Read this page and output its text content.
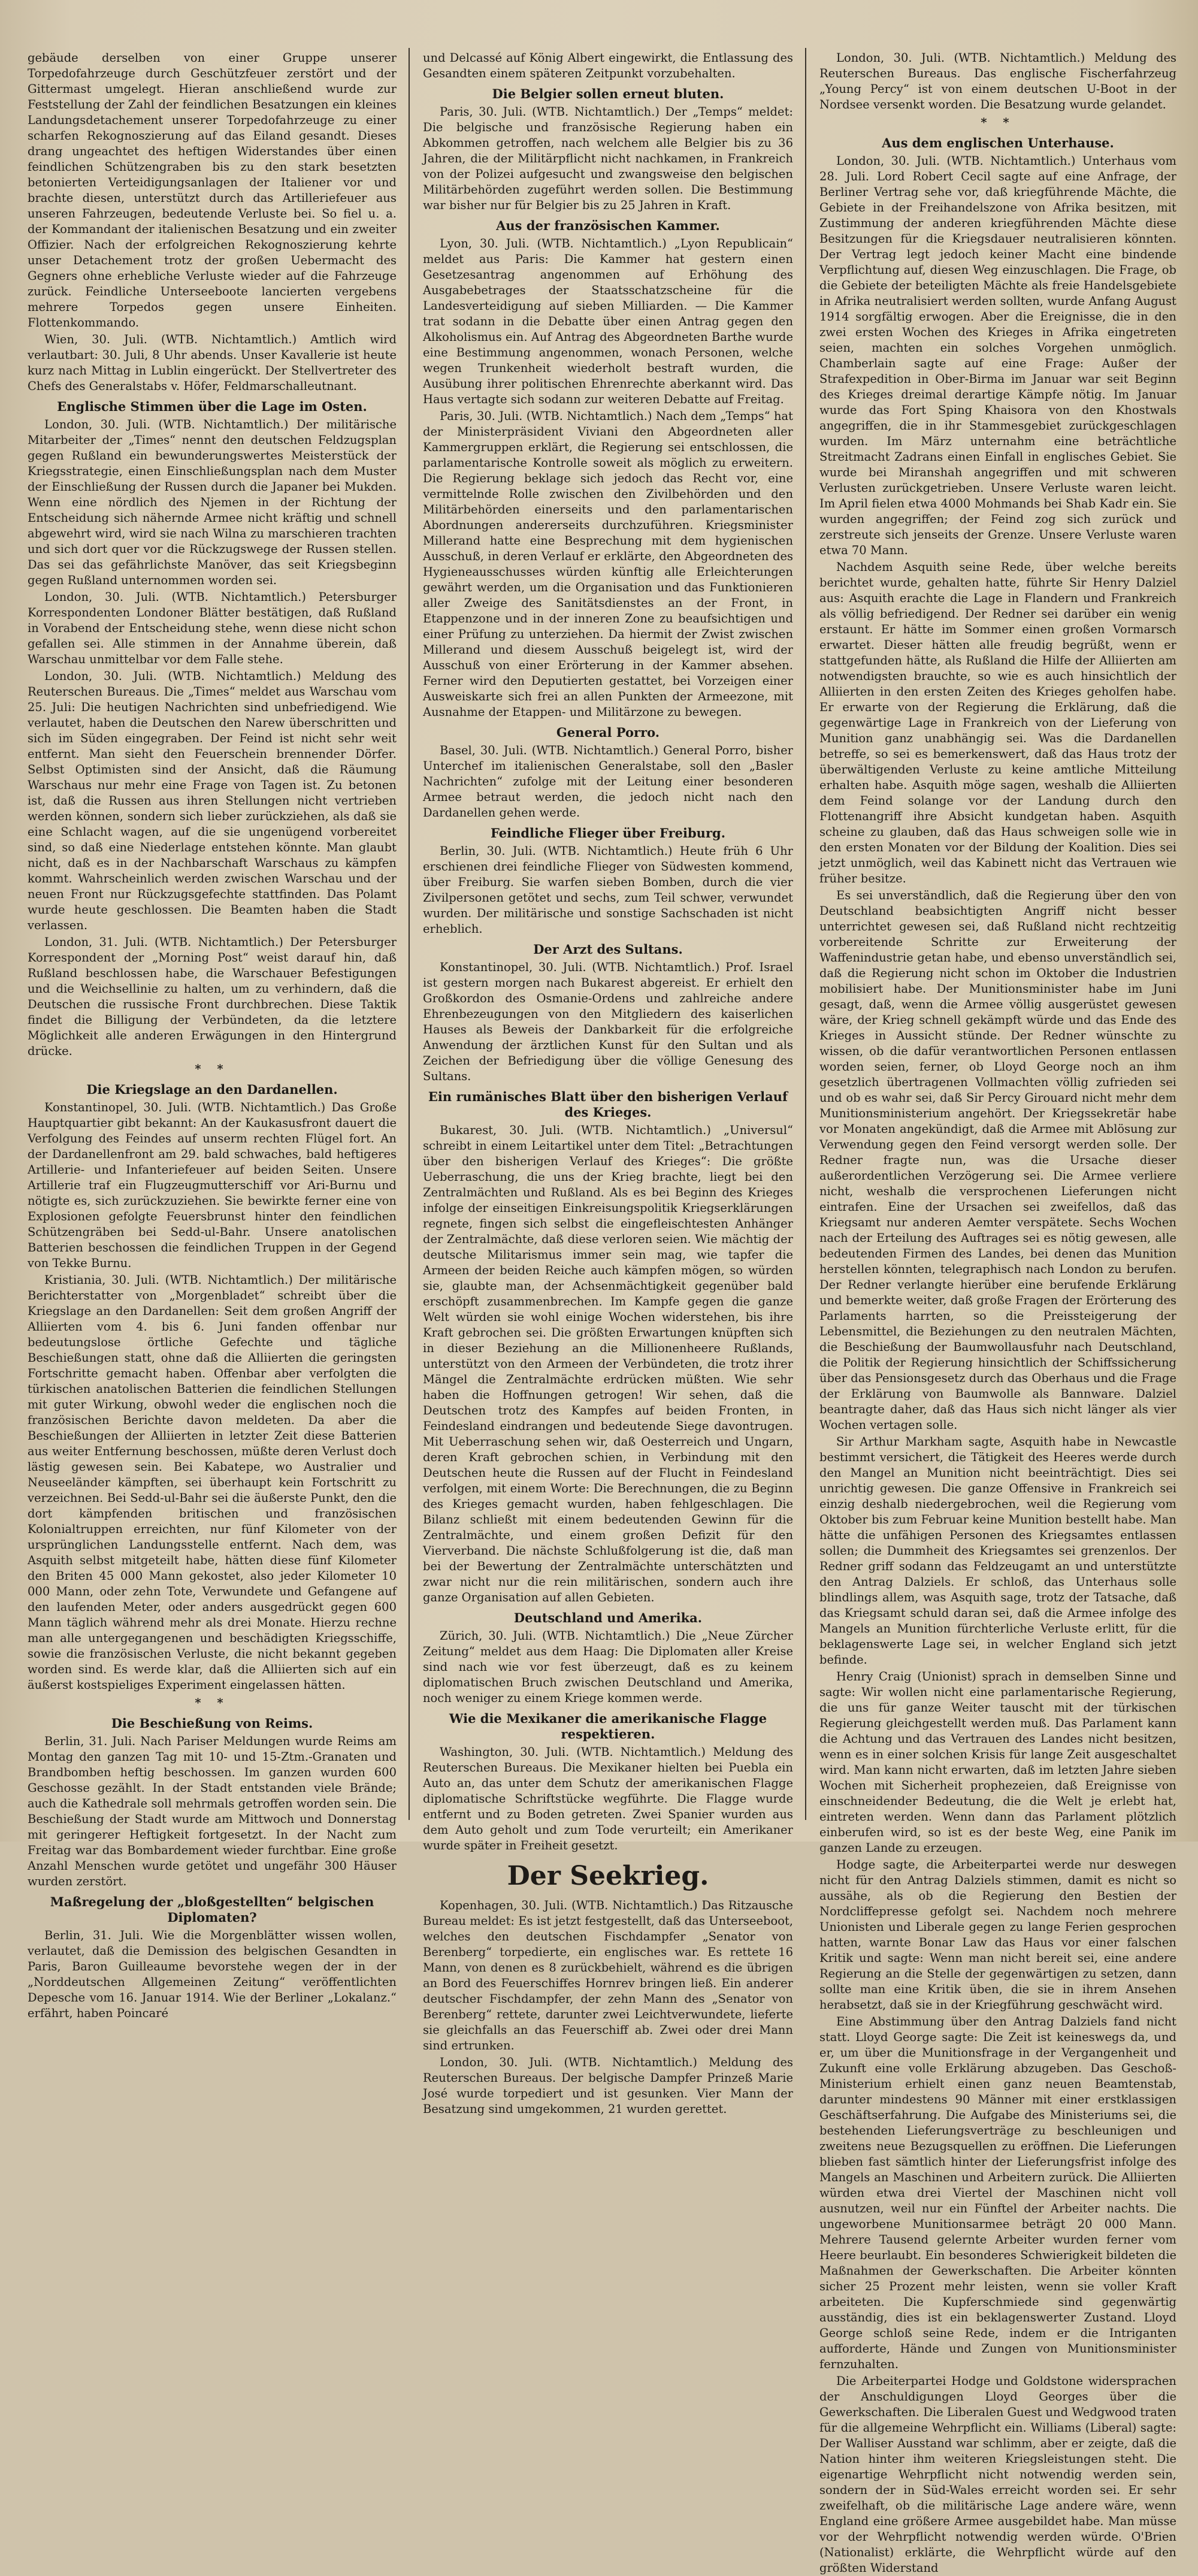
gebäude derselben von einer Gruppe unserer Torpedofahrzeuge durch Geschützfeuer zerstört und der Gittermast umgelegt. Hieran anschließend wurde zur Feststellung der Zahl der feindlichen Besatzungen ein kleines Landungsdetachement unserer Torpedofahrzeuge zu einer scharfen Rekognoszierung auf das Eiland gesandt. Dieses drang ungeachtet des heftigen Widerstandes über einen feindlichen Schützengraben bis zu den stark besetzten betonierten Verteidigungsanlagen der Italiener vor und brachte diesen, unterstützt durch das Artilleriefeuer aus unseren Fahrzeugen, bedeutende Verluste bei. So fiel u. a. der Kommandant der italienischen Besatzung und ein zweiter Offizier. Nach der erfolgreichen Rekognoszierung kehrte unser Detachement trotz der großen Uebermacht des Gegners ohne erhebliche Verluste wieder auf die Fahrzeuge zurück. Feindliche Unterseeboote lancierten vergebens mehrere Torpedos gegen unsere Einheiten. Flottenkommando.

Wien, 30. Juli. (WTB. Nichtamtlich.) Amtlich wird verlautbart: 30. Juli, 8 Uhr abends. Unser Kavallerie ist heute kurz nach Mittag in Lublin eingerückt. Der Stellvertreter des Chefs des Generalstabs v. Höfer, Feldmarschalleutnant.

Englische Stimmen über die Lage im Osten.

London, 30. Juli. (WTB. Nichtamtlich.) Der militärische Mitarbeiter der „Times“ nennt den deutschen Feldzugsplan gegen Rußland ein bewunderungswertes Meisterstück der Kriegsstrategie, einen Einschließungsplan nach dem Muster der Einschließung der Russen durch die Japaner bei Mukden. Wenn eine nördlich des Njemen in der Richtung der Entscheidung sich nähernde Armee nicht kräftig und schnell abgewehrt wird, wird sie nach Wilna zu marschieren trachten und sich dort quer vor die Rückzugswege der Russen stellen. Das sei das gefährlichste Manöver, das seit Kriegsbeginn gegen Rußland unternommen worden sei.

London, 30. Juli. (WTB. Nichtamtlich.) Petersburger Korrespondenten Londoner Blätter bestätigen, daß Rußland in Vorabend der Entscheidung stehe, wenn diese nicht schon gefallen sei. Alle stimmen in der Annahme überein, daß Warschau unmittelbar vor dem Falle stehe.

London, 30. Juli. (WTB. Nichtamtlich.) Meldung des Reuterschen Bureaus. Die „Times“ meldet aus Warschau vom 25. Juli: Die heutigen Nachrichten sind unbefriedigend. Wie verlautet, haben die Deutschen den Narew überschritten und sich im Süden eingegraben. Der Feind ist nicht sehr weit entfernt. Man sieht den Feuerschein brennender Dörfer. Selbst Optimisten sind der Ansicht, daß die Räumung Warschaus nur mehr eine Frage von Tagen ist. Zu betonen ist, daß die Russen aus ihren Stellungen nicht vertrieben werden können, sondern sich lieber zurückziehen, als daß sie eine Schlacht wagen, auf die sie ungenügend vorbereitet sind, so daß eine Niederlage entstehen könnte. Man glaubt nicht, daß es in der Nachbarschaft Warschaus zu kämpfen kommt. Wahrscheinlich werden zwischen Warschau und der neuen Front nur Rückzugsgefechte stattfinden. Das Polamt wurde heute geschlossen. Die Beamten haben die Stadt verlassen.

London, 31. Juli. (WTB. Nichtamtlich.) Der Petersburger Korrespondent der „Morning Post“ weist darauf hin, daß Rußland beschlossen habe, die Warschauer Befestigungen und die Weichsellinie zu halten, um zu verhindern, daß die Deutschen die russische Front durchbrechen. Diese Taktik findet die Billigung der Verbündeten, da die letztere Möglichkeit alle anderen Erwägungen in den Hintergrund drücke.

* *
Die Kriegslage an den Dardanellen.

Konstantinopel, 30. Juli. (WTB. Nichtamtlich.) Das Große Hauptquartier gibt bekannt: An der Kaukasusfront dauert die Verfolgung des Feindes auf unserm rechten Flügel fort. An der Dardanellenfront am 29. bald schwaches, bald heftigeres Artillerie- und Infanteriefeuer auf beiden Seiten. Unsere Artillerie traf ein Flugzeugmutterschiff vor Ari-Burnu und nötigte es, sich zurückzuziehen. Sie bewirkte ferner eine von Explosionen gefolgte Feuersbrunst hinter den feindlichen Schützengräben bei Sedd-ul-Bahr. Unsere anatolischen Batterien beschossen die feindlichen Truppen in der Gegend von Tekke Burnu.

Kristiania, 30. Juli. (WTB. Nichtamtlich.) Der militärische Berichterstatter von „Morgenbladet“ schreibt über die Kriegslage an den Dardanellen: Seit dem großen Angriff der Alliierten vom 4. bis 6. Juni fanden offenbar nur bedeutungslose örtliche Gefechte und tägliche Beschießungen statt, ohne daß die Alliierten die geringsten Fortschritte gemacht haben. Offenbar aber verfolgten die türkischen anatolischen Batterien die feindlichen Stellungen mit guter Wirkung, obwohl weder die englischen noch die französischen Berichte davon meldeten. Da aber die Beschießungen der Alliierten in letzter Zeit diese Batterien aus weiter Entfernung beschossen, müßte deren Verlust doch lästig gewesen sein. Bei Kabatepe, wo Australier und Neuseeländer kämpften, sei überhaupt kein Fortschritt zu verzeichnen. Bei Sedd-ul-Bahr sei die äußerste Punkt, den die dort kämpfenden britischen und französischen Kolonialtruppen erreichten, nur fünf Kilometer von der ursprünglichen Landungsstelle entfernt. Nach dem, was Asquith selbst mitgeteilt habe, hätten diese fünf Kilometer den Briten 45 000 Mann gekostet, also jeder Kilometer 10 000 Mann, oder zehn Tote, Verwundete und Gefangene auf den laufenden Meter, oder anders ausgedrückt gegen 600 Mann täglich während mehr als drei Monate. Hierzu rechne man alle untergegangenen und beschädigten Kriegsschiffe, sowie die französischen Verluste, die nicht bekannt gegeben worden sind. Es werde klar, daß die Alliierten sich auf ein äußerst kostspieliges Experiment eingelassen hätten.

* *
Die Beschießung von Reims.

Berlin, 31. Juli. Nach Pariser Meldungen wurde Reims am Montag den ganzen Tag mit 10- und 15-Ztm.-Granaten und Brandbomben heftig beschossen. Im ganzen wurden 600 Geschosse gezählt. In der Stadt entstanden viele Brände; auch die Kathedrale soll mehrmals getroffen worden sein. Die Beschießung der Stadt wurde am Mittwoch und Donnerstag mit geringerer Heftigkeit fortgesetzt. In der Nacht zum Freitag war das Bombardement wieder furchtbar. Eine große Anzahl Menschen wurde getötet und ungefähr 300 Häuser wurden zerstört.

Maßregelung der „bloßgestellten“ belgischen Diplomaten?

Berlin, 31. Juli. Wie die Morgenblätter wissen wollen, verlautet, daß die Demission des belgischen Gesandten in Paris, Baron Guilleaume bevorstehe wegen der in der „Norddeutschen Allgemeinen Zeitung“ veröffentlichten Depesche vom 16. Januar 1914. Wie der Berliner „Lokalanz.“ erfährt, haben Poincaré

und Delcassé auf König Albert eingewirkt, die Entlassung des Gesandten einem späteren Zeitpunkt vorzubehalten.

Die Belgier sollen erneut bluten.

Paris, 30. Juli. (WTB. Nichtamtlich.) Der „Temps“ meldet: Die belgische und französische Regierung haben ein Abkommen getroffen, nach welchem alle Belgier bis zu 36 Jahren, die der Militärpflicht nicht nachkamen, in Frankreich von der Polizei aufgesucht und zwangsweise den belgischen Militärbehörden zugeführt werden sollen. Die Bestimmung war bisher nur für Belgier bis zu 25 Jahren in Kraft.

Aus der französischen Kammer.

Lyon, 30. Juli. (WTB. Nichtamtlich.) „Lyon Republicain“ meldet aus Paris: Die Kammer hat gestern einen Gesetzesantrag angenommen auf Erhöhung des Ausgabebetrages der Staatsschatzscheine für die Landesverteidigung auf sieben Milliarden. — Die Kammer trat sodann in die Debatte über einen Antrag gegen den Alkoholismus ein. Auf Antrag des Abgeordneten Barthe wurde eine Bestimmung angenommen, wonach Personen, welche wegen Trunkenheit wiederholt bestraft wurden, die Ausübung ihrer politischen Ehrenrechte aberkannt wird. Das Haus vertagte sich sodann zur weiteren Debatte auf Freitag.

Paris, 30. Juli. (WTB. Nichtamtlich.) Nach dem „Temps“ hat der Ministerpräsident Viviani den Abgeordneten aller Kammergruppen erklärt, die Regierung sei entschlossen, die parlamentarische Kontrolle soweit als möglich zu erweitern. Die Regierung beklage sich jedoch das Recht vor, eine vermittelnde Rolle zwischen den Zivilbehörden und den Militärbehörden einerseits und den parlamentarischen Abordnungen andererseits durchzuführen. Kriegsminister Millerand hatte eine Besprechung mit dem hygienischen Ausschuß, in deren Verlauf er erklärte, den Abgeordneten des Hygieneausschusses würden künftig alle Erleichterungen gewährt werden, um die Organisation und das Funktionieren aller Zweige des Sanitätsdienstes an der Front, in Etappenzone und in der inneren Zone zu beaufsichtigen und einer Prüfung zu unterziehen. Da hiermit der Zwist zwischen Millerand und diesem Ausschuß beigelegt ist, wird der Ausschuß von einer Erörterung in der Kammer absehen. Ferner wird den Deputierten gestattet, bei Vorzeigen einer Ausweiskarte sich frei an allen Punkten der Armeezone, mit Ausnahme der Etappen- und Militärzone zu bewegen.

General Porro.

Basel, 30. Juli. (WTB. Nichtamtlich.) General Porro, bisher Unterchef im italienischen Generalstabe, soll den „Basler Nachrichten“ zufolge mit der Leitung einer besonderen Armee betraut werden, die jedoch nicht nach den Dardanellen gehen werde.

Feindliche Flieger über Freiburg.

Berlin, 30. Juli. (WTB. Nichtamtlich.) Heute früh 6 Uhr erschienen drei feindliche Flieger von Südwesten kommend, über Freiburg. Sie warfen sieben Bomben, durch die vier Zivilpersonen getötet und sechs, zum Teil schwer, verwundet wurden. Der militärische und sonstige Sachschaden ist nicht erheblich.

Der Arzt des Sultans.

Konstantinopel, 30. Juli. (WTB. Nichtamtlich.) Prof. Israel ist gestern morgen nach Bukarest abgereist. Er erhielt den Großkordon des Osmanie-Ordens und zahlreiche andere Ehrenbezeugungen von den Mitgliedern des kaiserlichen Hauses als Beweis der Dankbarkeit für die erfolgreiche Anwendung der ärztlichen Kunst für den Sultan und als Zeichen der Befriedigung über die völlige Genesung des Sultans.

Ein rumänisches Blatt über den bisherigen Verlauf des Krieges.

Bukarest, 30. Juli. (WTB. Nichtamtlich.) „Universul“ schreibt in einem Leitartikel unter dem Titel: „Betrachtungen über den bisherigen Verlauf des Krieges“: Die größte Ueberraschung, die uns der Krieg brachte, liegt bei den Zentralmächten und Rußland. Als es bei Beginn des Krieges infolge der einseitigen Einkreisungspolitik Kriegserklärungen regnete, fingen sich selbst die eingefleischtesten Anhänger der Zentralmächte, daß diese verloren seien. Wie mächtig der deutsche Militarismus immer sein mag, wie tapfer die Armeen der beiden Reiche auch kämpfen mögen, so würden sie, glaubte man, der Achsenmächtigkeit gegenüber bald erschöpft zusammenbrechen. Im Kampfe gegen die ganze Welt würden sie wohl einige Wochen widerstehen, bis ihre Kraft gebrochen sei. Die größten Erwartungen knüpften sich in dieser Beziehung an die Millionenheere Rußlands, unterstützt von den Armeen der Verbündeten, die trotz ihrer Mängel die Zentralmächte erdrücken müßten. Wie sehr haben die Hoffnungen getrogen! Wir sehen, daß die Deutschen trotz des Kampfes auf beiden Fronten, in Feindesland eindrangen und bedeutende Siege davontrugen. Mit Ueberraschung sehen wir, daß Oesterreich und Ungarn, deren Kraft gebrochen schien, in Verbindung mit den Deutschen heute die Russen auf der Flucht in Feindesland verfolgen, mit einem Worte: Die Berechnungen, die zu Beginn des Krieges gemacht wurden, haben fehlgeschlagen. Die Bilanz schließt mit einem bedeutenden Gewinn für die Zentralmächte, und einem großen Defizit für den Vierverband. Die nächste Schlußfolgerung ist die, daß man bei der Bewertung der Zentralmächte unterschätzten und zwar nicht nur die rein militärischen, sondern auch ihre ganze Organisation auf allen Gebieten.

Deutschland und Amerika.

Zürich, 30. Juli. (WTB. Nichtamtlich.) Die „Neue Zürcher Zeitung“ meldet aus dem Haag: Die Diplomaten aller Kreise sind nach wie vor fest überzeugt, daß es zu keinem diplomatischen Bruch zwischen Deutschland und Amerika, noch weniger zu einem Kriege kommen werde.

Wie die Mexikaner die amerikanische Flagge respektieren.

Washington, 30. Juli. (WTB. Nichtamtlich.) Meldung des Reuterschen Bureaus. Die Mexikaner hielten bei Puebla ein Auto an, das unter dem Schutz der amerikanischen Flagge diplomatische Schriftstücke wegführte. Die Flagge wurde entfernt und zu Boden getreten. Zwei Spanier wurden aus dem Auto geholt und zum Tode verurteilt; ein Amerikaner wurde später in Freiheit gesetzt.

Der Seekrieg.

Kopenhagen, 30. Juli. (WTB. Nichtamtlich.) Das Ritzausche Bureau meldet: Es ist jetzt festgestellt, daß das Unterseeboot, welches den deutschen Fischdampfer „Senator von Berenberg“ torpedierte, ein englisches war. Es rettete 16 Mann, von denen es 8 zurückbehielt, während es die übrigen an Bord des Feuerschiffes Hornrev bringen ließ. Ein anderer deutscher Fischdampfer, der zehn Mann des „Senator von Berenberg“ rettete, darunter zwei Leichtverwundete, lieferte sie gleichfalls an das Feuerschiff ab. Zwei oder drei Mann sind ertrunken.

London, 30. Juli. (WTB. Nichtamtlich.) Meldung des Reuterschen Bureaus. Der belgische Dampfer Prinzeß Marie José wurde torpediert und ist gesunken. Vier Mann der Besatzung sind umgekommen, 21 wurden gerettet.

London, 30. Juli. (WTB. Nichtamtlich.) Meldung des Reuterschen Bureaus. Das englische Fischerfahrzeug „Young Percy“ ist von einem deutschen U-Boot in der Nordsee versenkt worden. Die Besatzung wurde gelandet.

* *
Aus dem englischen Unterhause.

London, 30. Juli. (WTB. Nichtamtlich.) Unterhaus vom 28. Juli. Lord Robert Cecil sagte auf eine Anfrage, der Berliner Vertrag sehe vor, daß kriegführende Mächte, die Gebiete in der Freihandelszone von Afrika besitzen, mit Zustimmung der anderen kriegführenden Mächte diese Besitzungen für die Kriegsdauer neutralisieren könnten. Der Vertrag legt jedoch keiner Macht eine bindende Verpflichtung auf, diesen Weg einzuschlagen. Die Frage, ob die Gebiete der beteiligten Mächte als freie Handelsgebiete in Afrika neutralisiert werden sollten, wurde Anfang August 1914 sorgfältig erwogen. Aber die Ereignisse, die in den zwei ersten Wochen des Krieges in Afrika eingetreten seien, machten ein solches Vorgehen unmöglich. Chamberlain sagte auf eine Frage: Außer der Strafexpedition in Ober-Birma im Januar war seit Beginn des Krieges dreimal derartige Kämpfe nötig. Im Januar wurde das Fort Sping Khaisora von den Khostwals angegriffen, die in ihr Stammesgebiet zurückgeschlagen wurden. Im März unternahm eine beträchtliche Streitmacht Zadrans einen Einfall in englisches Gebiet. Sie wurde bei Miranshah angegriffen und mit schweren Verlusten zurückgetrieben. Unsere Verluste waren leicht. Im April fielen etwa 4000 Mohmands bei Shab Kadr ein. Sie wurden angegriffen; der Feind zog sich zurück und zerstreute sich jenseits der Grenze. Unsere Verluste waren etwa 70 Mann.

Nachdem Asquith seine Rede, über welche bereits berichtet wurde, gehalten hatte, führte Sir Henry Dalziel aus: Asquith erachte die Lage in Flandern und Frankreich als völlig befriedigend. Der Redner sei darüber ein wenig erstaunt. Er hätte im Sommer einen großen Vormarsch erwartet. Dieser hätten alle freudig begrüßt, wenn er stattgefunden hätte, als Rußland die Hilfe der Alliierten am notwendigsten brauchte, so wie es auch hinsichtlich der Alliierten in den ersten Zeiten des Krieges geholfen habe. Er erwarte von der Regierung die Erklärung, daß die gegenwärtige Lage in Frankreich von der Lieferung von Munition ganz unabhängig sei. Was die Dardanellen betreffe, so sei es bemerkenswert, daß das Haus trotz der überwältigenden Verluste zu keine amtliche Mitteilung erhalten habe. Asquith möge sagen, weshalb die Alliierten dem Feind solange vor der Landung durch den Flottenangriff ihre Absicht kundgetan haben. Asquith scheine zu glauben, daß das Haus schweigen solle wie in den ersten Monaten vor der Bildung der Koalition. Dies sei jetzt unmöglich, weil das Kabinett nicht das Vertrauen wie früher besitze.

Es sei unverständlich, daß die Regierung über den von Deutschland beabsichtigten Angriff nicht besser unterrichtet gewesen sei, daß Rußland nicht rechtzeitig vorbereitende Schritte zur Erweiterung der Waffenindustrie getan habe, und ebenso unverständlich sei, daß die Regierung nicht schon im Oktober die Industrien mobilisiert habe. Der Munitionsminister habe im Juni gesagt, daß, wenn die Armee völlig ausgerüstet gewesen wäre, der Krieg schnell gekämpft würde und das Ende des Krieges in Aussicht stünde. Der Redner wünschte zu wissen, ob die dafür verantwortlichen Personen entlassen worden seien, ferner, ob Lloyd George noch an ihm gesetzlich übertragenen Vollmachten völlig zufrieden sei und ob es wahr sei, daß Sir Percy Girouard nicht mehr dem Munitionsministerium angehört. Der Kriegssekretär habe vor Monaten angekündigt, daß die Armee mit Ablösung zur Verwendung gegen den Feind versorgt werden solle. Der Redner fragte nun, was die Ursache dieser außerordentlichen Verzögerung sei. Die Armee verliere nicht, weshalb die versprochenen Lieferungen nicht eintrafen. Eine der Ursachen sei zweifellos, daß das Kriegsamt nur anderen Aemter verspätete. Sechs Wochen nach der Erteilung des Auftrages sei es nötig gewesen, alle bedeutenden Firmen des Landes, bei denen das Munition herstellen könnten, telegraphisch nach London zu berufen. Der Redner verlangte hierüber eine berufende Erklärung und bemerkte weiter, daß große Fragen der Erörterung des Parlaments harrten, so die Preissteigerung der Lebensmittel, die Beziehungen zu den neutralen Mächten, die Beschießung der Baumwollausfuhr nach Deutschland, die Politik der Regierung hinsichtlich der Schiffssicherung über das Pensionsgesetz durch das Oberhaus und die Frage der Erklärung von Baumwolle als Bannware. Dalziel beantragte daher, daß das Haus sich nicht länger als vier Wochen vertagen solle.

Sir Arthur Markham sagte, Asquith habe in Newcastle bestimmt versichert, die Tätigkeit des Heeres werde durch den Mangel an Munition nicht beeinträchtigt. Dies sei unrichtig gewesen. Die ganze Offensive in Frankreich sei einzig deshalb niedergebrochen, weil die Regierung vom Oktober bis zum Februar keine Munition bestellt habe. Man hätte die unfähigen Personen des Kriegsamtes entlassen sollen; die Dummheit des Kriegsamtes sei grenzenlos. Der Redner griff sodann das Feldzeugamt an und unterstützte den Antrag Dalziels. Er schloß, das Unterhaus solle blindlings allem, was Asquith sage, trotz der Tatsache, daß das Kriegsamt schuld daran sei, daß die Armee infolge des Mangels an Munition fürchterliche Verluste erlitt, für die beklagenswerte Lage sei, in welcher England sich jetzt befinde.

Henry Craig (Unionist) sprach in demselben Sinne und sagte: Wir wollen nicht eine parlamentarische Regierung, die uns für ganze Weiter tauscht mit der türkischen Regierung gleichgestellt werden muß. Das Parlament kann die Achtung und das Vertrauen des Landes nicht besitzen, wenn es in einer solchen Krisis für lange Zeit ausgeschaltet wird. Man kann nicht erwarten, daß im letzten Jahre sieben Wochen mit Sicherheit prophezeien, daß Ereignisse von einschneidender Bedeutung, die die Welt je erlebt hat, eintreten werden. Wenn dann das Parlament plötzlich einberufen wird, so ist es der beste Weg, eine Panik im ganzen Lande zu erzeugen.

Hodge sagte, die Arbeiterpartei werde nur deswegen nicht für den Antrag Dalziels stimmen, damit es nicht so aussähe, als ob die Regierung den Bestien der Nordcliffepresse gefolgt sei. Nachdem noch mehrere Unionisten und Liberale gegen zu lange Ferien gesprochen hatten, warnte Bonar Law das Haus vor einer falschen Kritik und sagte: Wenn man nicht bereit sei, eine andere Regierung an die Stelle der gegenwärtigen zu setzen, dann sollte man eine Kritik üben, die sie in ihrem Ansehen herabsetzt, daß sie in der Kriegführung geschwächt wird.

Eine Abstimmung über den Antrag Dalziels fand nicht statt. Lloyd George sagte: Die Zeit ist keineswegs da, und er, um über die Munitionsfrage in der Vergangenheit und Zukunft eine volle Erklärung abzugeben. Das Geschoß-Ministerium erhielt einen ganz neuen Beamtenstab, darunter mindestens 90 Männer mit einer erstklassigen Geschäftserfahrung. Die Aufgabe des Ministeriums sei, die bestehenden Lieferungsverträge zu beschleunigen und zweitens neue Bezugsquellen zu eröffnen. Die Lieferungen blieben fast sämtlich hinter der Lieferungsfrist infolge des Mangels an Maschinen und Arbeitern zurück. Die Alliierten würden etwa drei Viertel der Maschinen nicht voll ausnutzen, weil nur ein Fünftel der Arbeiter nachts. Die ungeworbene Munitionsarmee beträgt 20 000 Mann. Mehrere Tausend gelernte Arbeiter wurden ferner vom Heere beurlaubt. Ein besonderes Schwierigkeit bildeten die Maßnahmen der Gewerkschaften. Die Arbeiter könnten sicher 25 Prozent mehr leisten, wenn sie voller Kraft arbeiteten. Die Kupferschmiede sind gegenwärtig ausständig, dies ist ein beklagenswerter Zustand. Lloyd George schloß seine Rede, indem er die Intriganten aufforderte, Hände und Zungen von Munitionsminister fernzuhalten.

Die Arbeiterpartei Hodge und Goldstone widersprachen der Anschuldigungen Lloyd Georges über die Gewerkschaften. Die Liberalen Guest und Wedgwood traten für die allgemeine Wehrpflicht ein. Williams (Liberal) sagte: Der Walliser Ausstand war schlimm, aber er zeigte, daß die Nation hinter ihm weiteren Kriegsleistungen steht. Die eigenartige Wehrpflicht nicht notwendig werden sein, sondern der in Süd-Wales erreicht worden sei. Er sehr zweifelhaft, ob die militärische Lage andere wäre, wenn England eine größere Armee ausgebildet habe. Man müsse vor der Wehrpflicht notwendig werden würde. O'Brien (Nationalist) erklärte, die Wehrpflicht würde auf den größten Widerstand
